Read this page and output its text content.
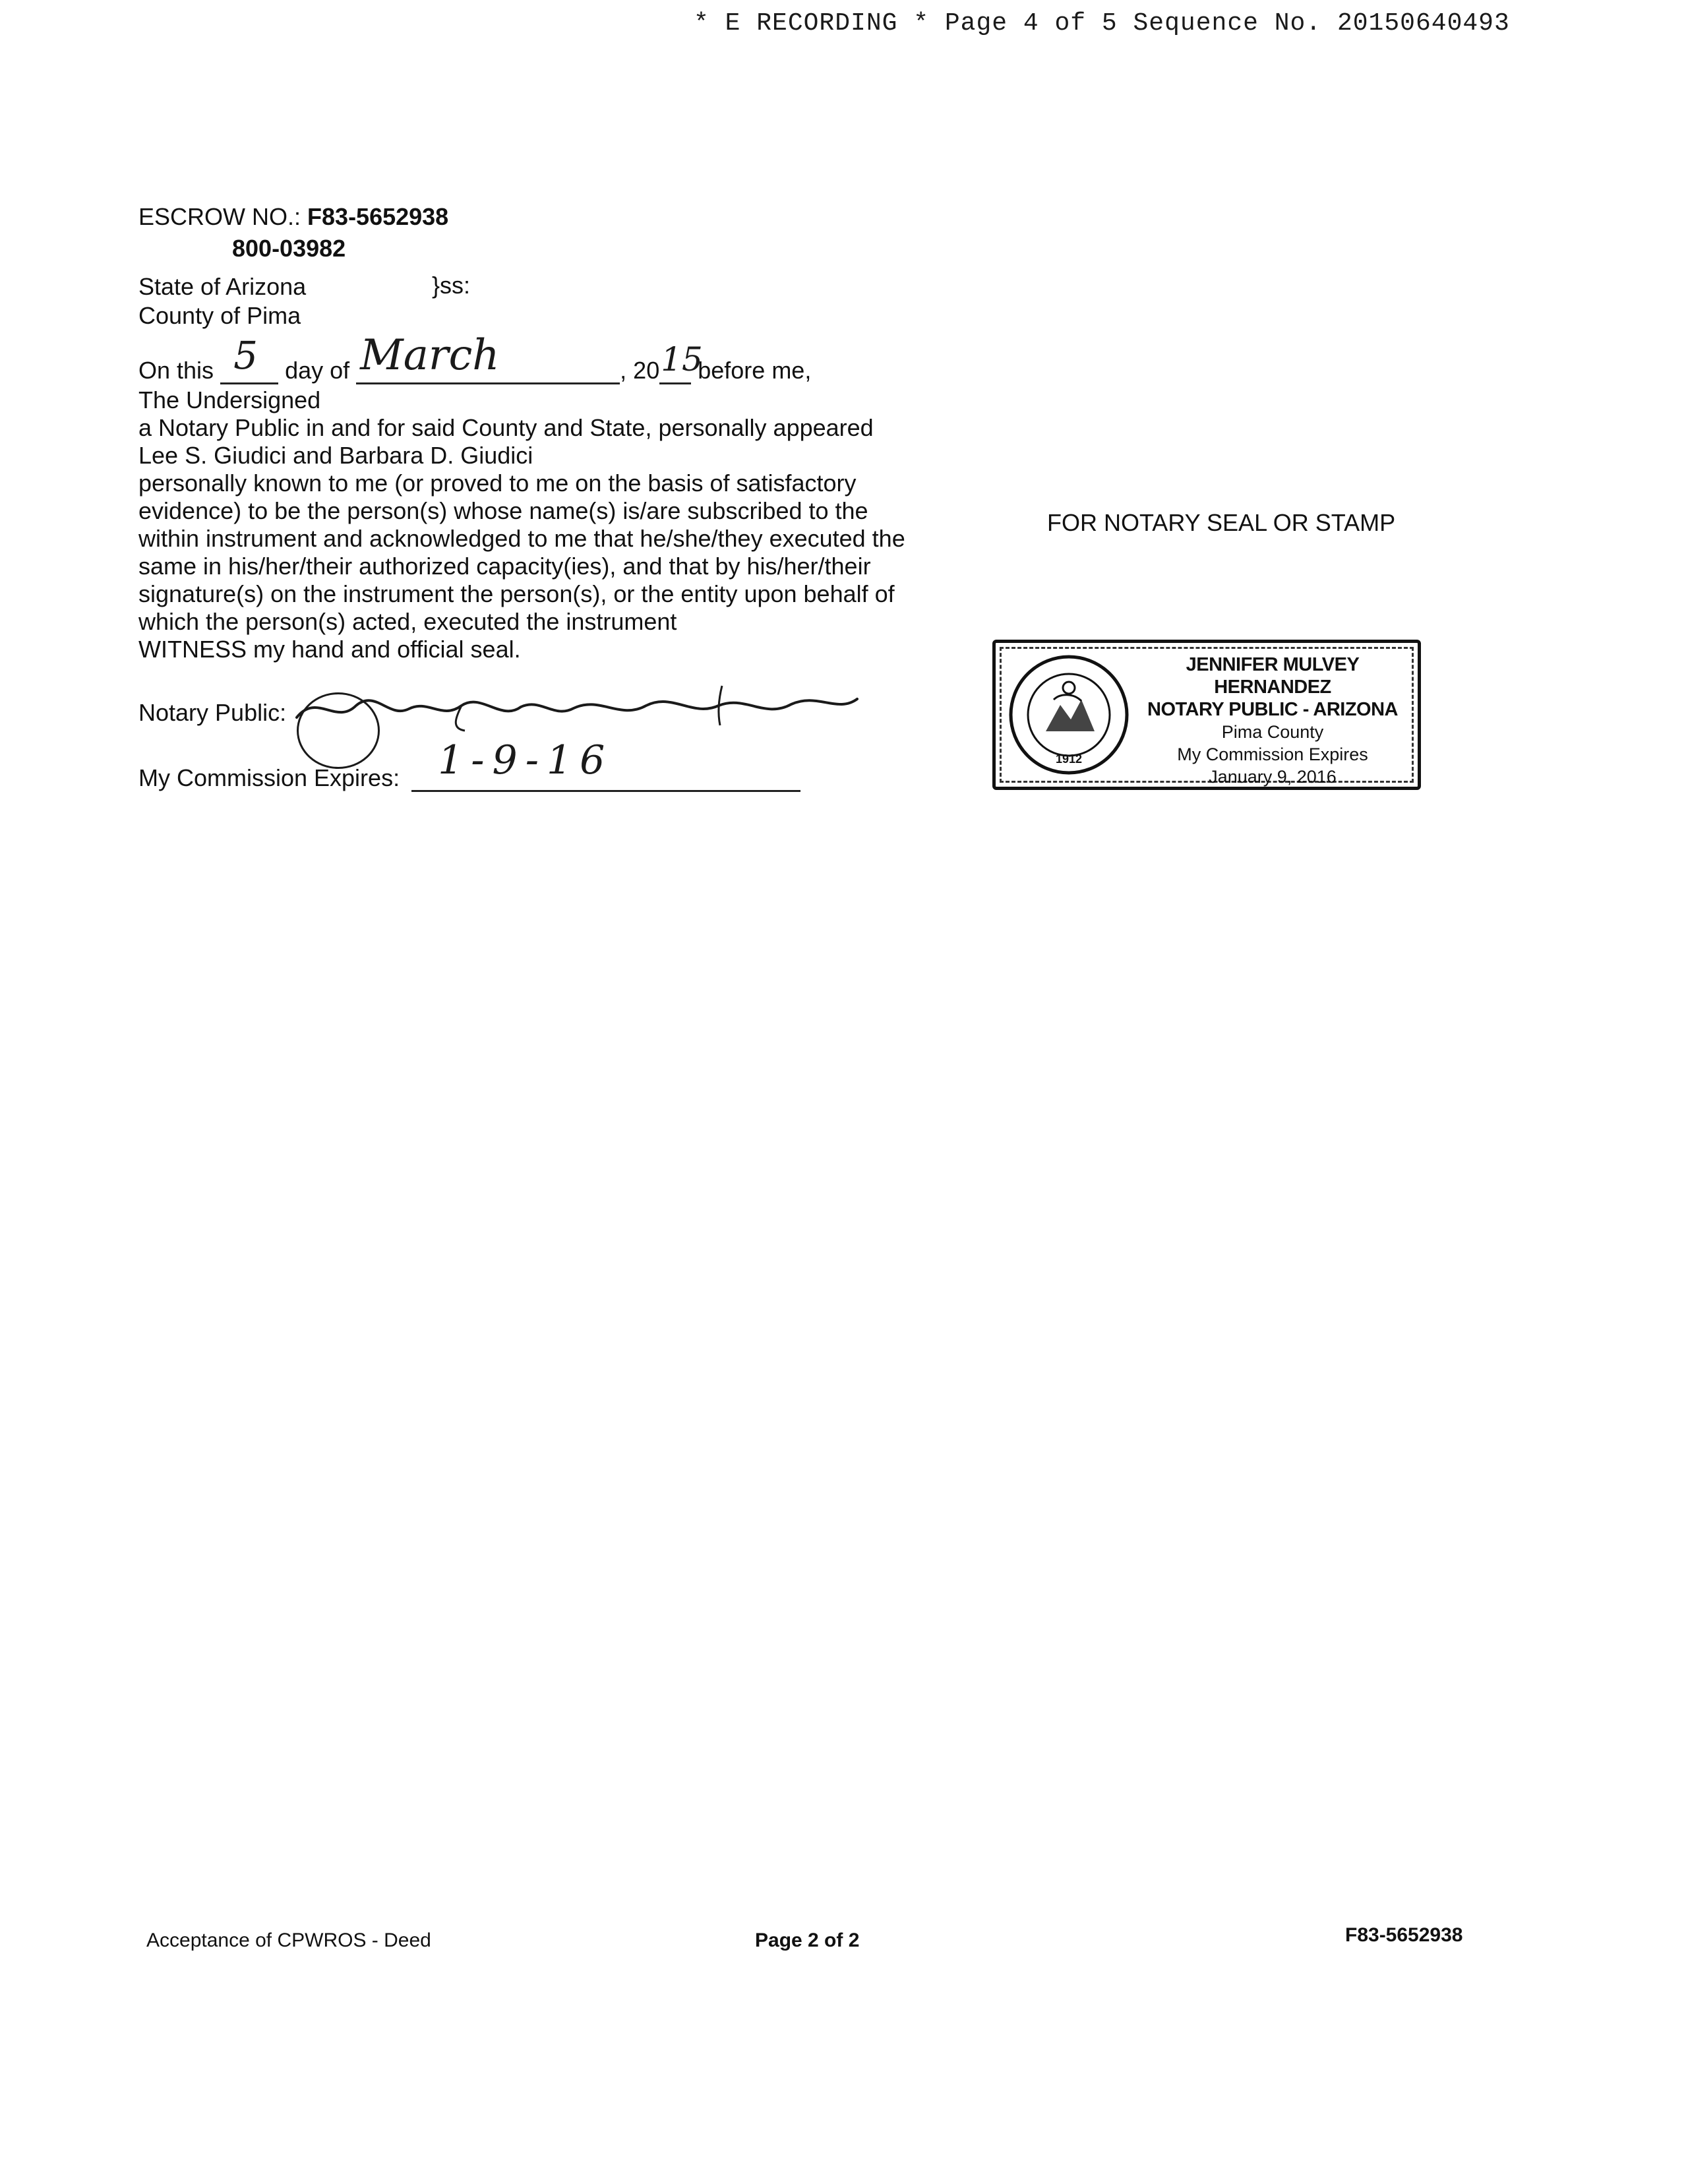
* E RECORDING * Page 4 of 5 Sequence No. 20150640493
ESCROW NO.: F83-5652938
800-03982
State of Arizona	}ss:
County of Pima
On this 5 day of March	, 20 15
before me,
The Undersigned
a Notary Public in and for said County and State, personally appeared
Lee S. Giudici and Barbara D. Giudici
personally known to me (or proved to me on the basis of satisfactory
evidence) to be the person(s) whose name(s) is/are subscribed to the
within instrument and acknowledged to me that he/she/they executed the
same in his/her/their authorized capacity(ies), and that by his/her/their
signature(s) on the instrument the person(s), or the entity upon behalf of
which the person(s) acted, executed the instrument
WITNESS my hand and official seal.
Notary Public:
My Commission Expires: 1-9-16
FOR NOTARY SEAL OR STAMP
1912
JENNIFER MULVEY HERNANDEZ
NOTARY PUBLIC - ARIZONA
Pima County
My Commission Expires
January 9, 2016
Acceptance of CPWROS - Deed	Page 2 of 2	F83-5652938
